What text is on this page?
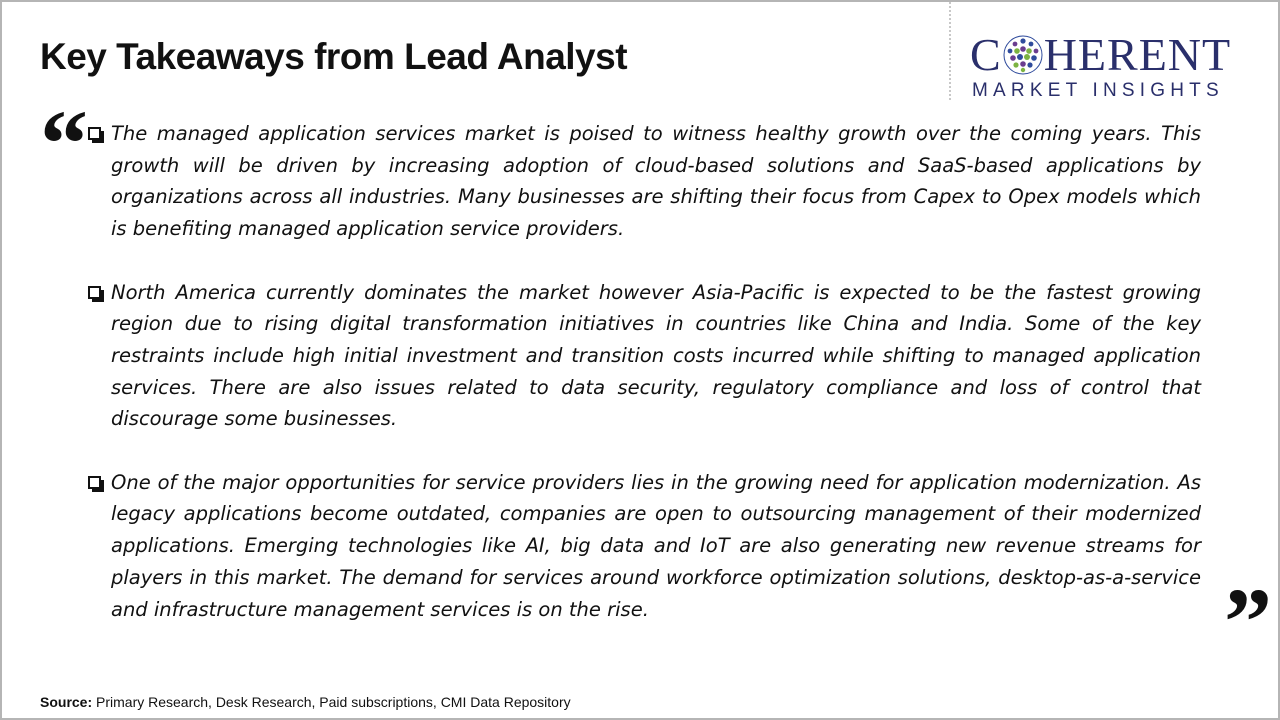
Key Takeaways from Lead Analyst	C HERENT
MARKET INSIGHTS
“
”
The managed application services market is poised to witness healthy growth over the coming years. This growth will be driven by increasing adoption of cloud-based solutions and SaaS-based applications by organizations across all industries. Many businesses are shifting their focus from Capex to Opex models which is benefiting managed application service providers.
North America currently dominates the market however Asia-Pacific is expected to be the fastest growing region due to rising digital transformation initiatives in countries like China and India. Some of the key restraints include high initial investment and transition costs incurred while shifting to managed application services. There are also issues related to data security, regulatory compliance and loss of control that discourage some businesses.
One of the major opportunities for service providers lies in the growing need for application modernization. As legacy applications become outdated, companies are open to outsourcing management of their modernized applications. Emerging technologies like AI, big data and IoT are also generating new revenue streams for players in this market. The demand for services around workforce optimization solutions, desktop-as-a-service and infrastructure management services is on the rise.
Source: Primary Research, Desk Research, Paid subscriptions, CMI Data Repository
